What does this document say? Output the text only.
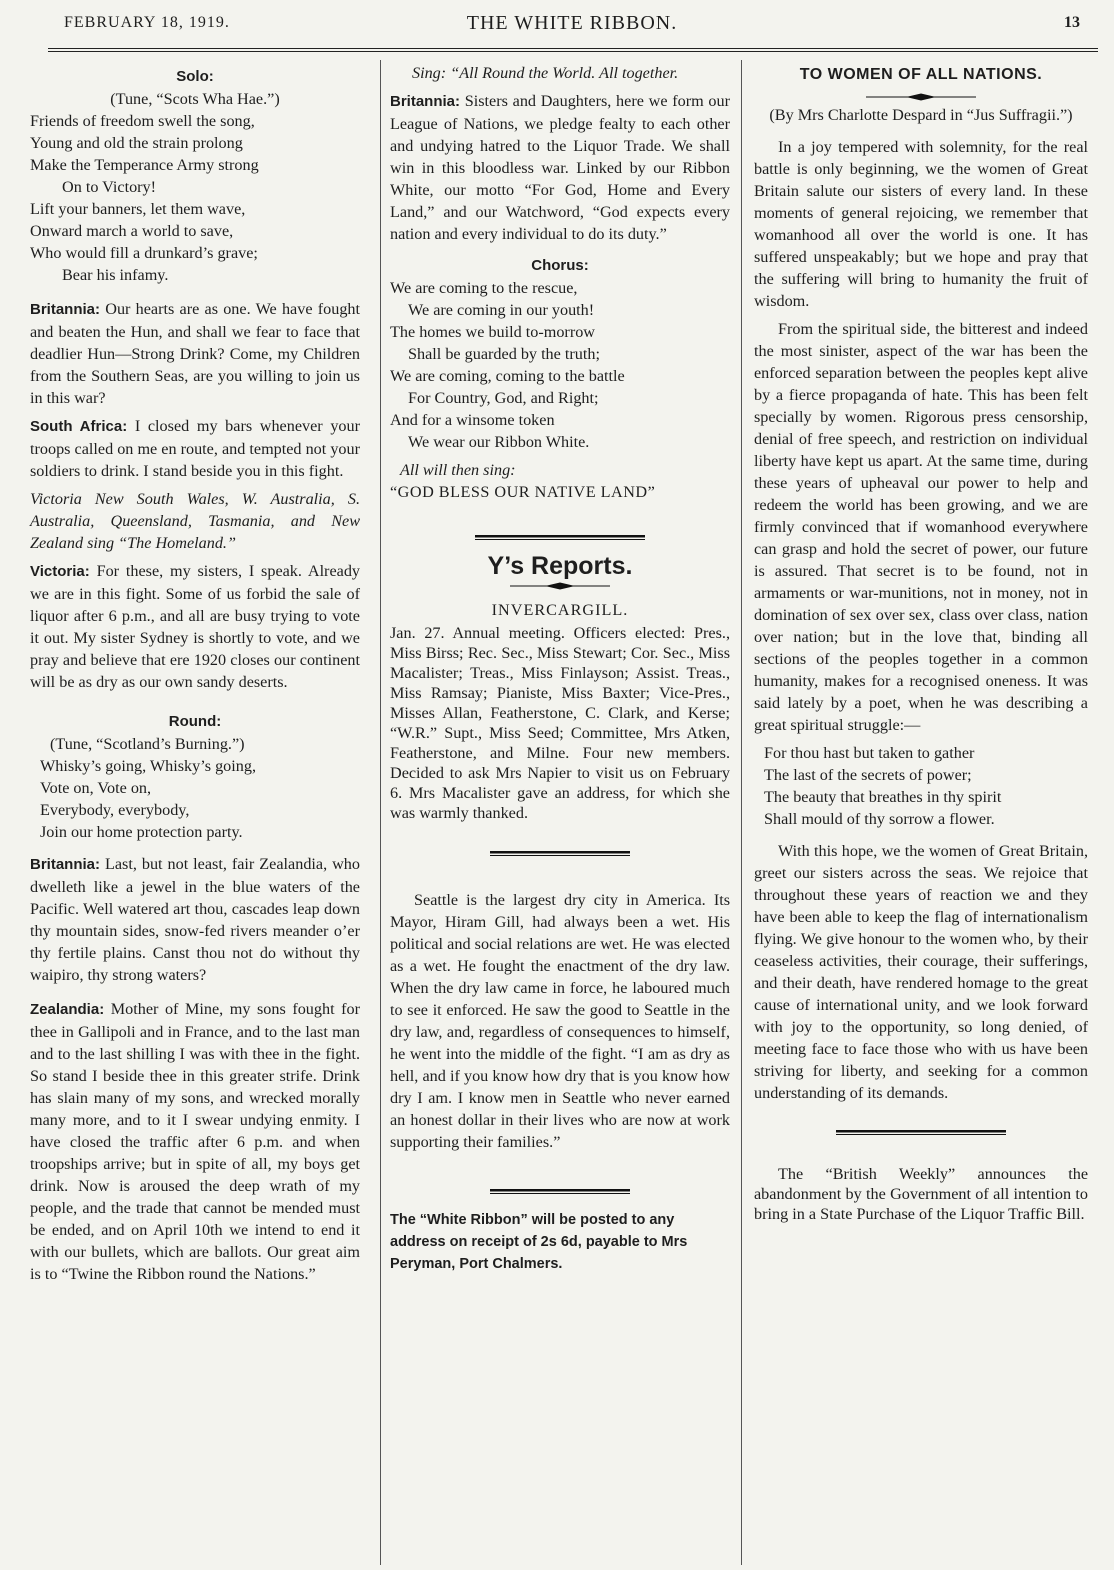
FEBRUARY 18, 1919.	THE WHITE RIBBON.	13
Solo:
(Tune, “Scots Wha Hae.”)
Friends of freedom swell the song,
Young and old the strain prolong
Make the Temperance Army strong
On to Victory!
Lift your banners, let them wave,
Onward march a world to save,
Who would fill a drunkard’s grave;
Bear his infamy.

Britannia: Our hearts are as one. We have fought and beaten the Hun, and shall we fear to face that deadlier Hun—Strong Drink? Come, my Children from the Southern Seas, are you willing to join us in this war?

South Africa: I closed my bars whenever your troops called on me en route, and tempted not your soldiers to drink. I stand beside you in this fight.

Victoria New South Wales, W. Australia, S. Australia, Queensland, Tasmania, and New Zealand sing “The Homeland.”

Victoria: For these, my sisters, I speak. Already we are in this fight. Some of us forbid the sale of liquor after 6 p.m., and all are busy trying to vote it out. My sister Sydney is shortly to vote, and we pray and believe that ere 1920 closes our continent will be as dry as our own sandy deserts.

Round:
(Tune, “Scotland’s Burning.”)
Whisky’s going, Whisky’s going,
Vote on, Vote on,
Everybody, everybody,
Join our home protection party.

Britannia: Last, but not least, fair Zealandia, who dwelleth like a jewel in the blue waters of the Pacific. Well watered art thou, cascades leap down thy mountain sides, snow-fed rivers meander o’er thy fertile plains. Canst thou not do without thy waipiro, thy strong waters?

Zealandia: Mother of Mine, my sons fought for thee in Gallipoli and in France, and to the last man and to the last shilling I was with thee in the fight. So stand I beside thee in this greater strife. Drink has slain many of my sons, and wrecked morally many more, and to it I swear undying enmity. I have closed the traffic after 6 p.m. and when troopships arrive; but in spite of all, my boys get drink. Now is aroused the deep wrath of my people, and the trade that cannot be mended must be ended, and on April 10th we intend to end it with our bullets, which are ballots. Our great aim is to “Twine the Ribbon round the Nations.”

Sing: “All Round the World. All together.

Britannia: Sisters and Daughters, here we form our League of Nations, we pledge fealty to each other and undying hatred to the Liquor Trade. We shall win in this bloodless war. Linked by our Ribbon White, our motto “For God, Home and Every Land,” and our Watchword, “God expects every nation and every individual to do its duty.”

Chorus:
We are coming to the rescue,
We are coming in our youth!
The homes we build to-morrow
Shall be guarded by the truth;
We are coming, coming to the battle
For Country, God, and Right;
And for a winsome token
We wear our Ribbon White.
All will then sing:
“GOD BLESS OUR NATIVE LAND”
Y’s Reports.
INVERCARGILL.

Jan. 27. Annual meeting. Officers elected: Pres., Miss Birss; Rec. Sec., Miss Stewart; Cor. Sec., Miss Macalister; Treas., Miss Finlayson; Assist. Treas., Miss Ramsay; Pianiste, Miss Baxter; Vice-Pres., Misses Allan, Featherstone, C. Clark, and Kerse; “W.R.” Supt., Miss Seed; Committee, Mrs Atken, Featherstone, and Milne. Four new members. Decided to ask Mrs Napier to visit us on February 6. Mrs Macalister gave an address, for which she was warmly thanked.

Seattle is the largest dry city in America. Its Mayor, Hiram Gill, had always been a wet. His political and social relations are wet. He was elected as a wet. He fought the enactment of the dry law. When the dry law came in force, he laboured much to see it enforced. He saw the good to Seattle in the dry law, and, regardless of consequences to himself, he went into the middle of the fight. “I am as dry as hell, and if you know how dry that is you know how dry I am. I know men in Seattle who never earned an honest dollar in their lives who are now at work supporting their families.”

The “White Ribbon” will be posted to any address on receipt of 2s 6d, payable to Mrs Peryman, Port Chalmers.
TO WOMEN OF ALL NATIONS.
(By Mrs Charlotte Despard in “Jus Suffragii.”)

In a joy tempered with solemnity, for the real battle is only beginning, we the women of Great Britain salute our sisters of every land. In these moments of general rejoicing, we remember that womanhood all over the world is one. It has suffered unspeakably; but we hope and pray that the suffering will bring to humanity the fruit of wisdom.

From the spiritual side, the bitterest and indeed the most sinister, aspect of the war has been the enforced separation between the peoples kept alive by a fierce propaganda of hate. This has been felt specially by women. Rigorous press censorship, denial of free speech, and restriction on individual liberty have kept us apart. At the same time, during these years of upheaval our power to help and redeem the world has been growing, and we are firmly convinced that if womanhood everywhere can grasp and hold the secret of power, our future is assured. That secret is to be found, not in armaments or war-munitions, not in money, not in domination of sex over sex, class over class, nation over nation; but in the love that, binding all sections of the peoples together in a common humanity, makes for a recognised oneness. It was said lately by a poet, when he was describing a great spiritual struggle:—

For thou hast but taken to gather
The last of the secrets of power;
The beauty that breathes in thy spirit
Shall mould of thy sorrow a flower.

With this hope, we the women of Great Britain, greet our sisters across the seas. We rejoice that throughout these years of reaction we and they have been able to keep the flag of internationalism flying. We give honour to the women who, by their ceaseless activities, their courage, their sufferings, and their death, have rendered homage to the great cause of international unity, and we look forward with joy to the opportunity, so long denied, of meeting face to face those who with us have been striving for liberty, and seeking for a common understanding of its demands.

The “British Weekly” announces the abandonment by the Government of all intention to bring in a State Purchase of the Liquor Traffic Bill.
